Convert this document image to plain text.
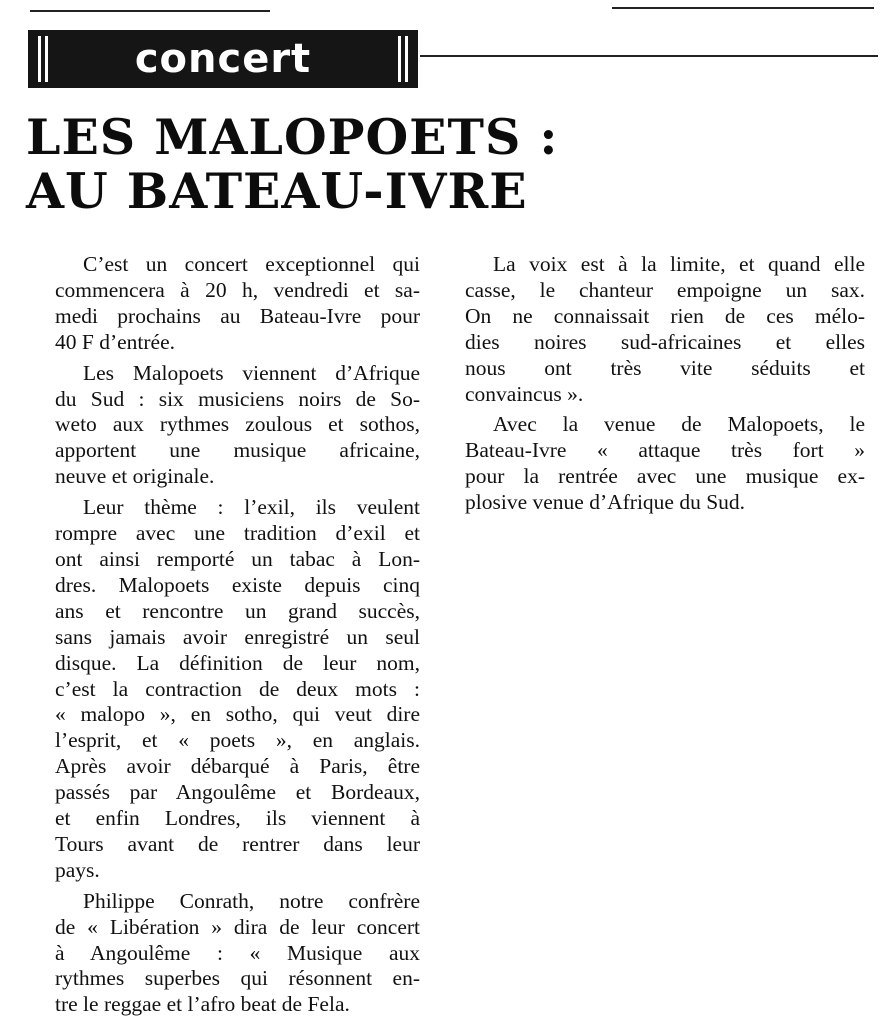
concert
LES MALOPOETS :
AU BATEAU-IVRE
C’est un concert exceptionnel qui
commencera à 20 h, vendredi et sa-
medi prochains au Bateau-Ivre pour
40 F d’entrée.
Les Malopoets viennent d’Afrique
du Sud : six musiciens noirs de So-
weto aux rythmes zoulous et sothos,
apportent une musique africaine,
neuve et originale.
Leur thème : l’exil, ils veulent
rompre avec une tradition d’exil et
ont ainsi remporté un tabac à Lon-
dres. Malopoets existe depuis cinq
ans et rencontre un grand succès,
sans jamais avoir enregistré un seul
disque. La définition de leur nom,
c’est la contraction de deux mots :
« malopo », en sotho, qui veut dire
l’esprit, et « poets », en anglais.
Après avoir débarqué à Paris, être
passés par Angoulême et Bordeaux,
et enfin Londres, ils viennent à
Tours avant de rentrer dans leur
pays.
Philippe Conrath, notre confrère
de « Libération » dira de leur concert
à Angoulême : « Musique aux
rythmes superbes qui résonnent en-
tre le reggae et l’afro beat de Fela.
La voix est à la limite, et quand elle
casse, le chanteur empoigne un sax.
On ne connaissait rien de ces mélo-
dies noires sud-africaines et elles
nous ont très vite séduits et
convaincus ».
Avec la venue de Malopoets, le
Bateau-Ivre « attaque très fort »
pour la rentrée avec une musique ex-
plosive venue d’Afrique du Sud.
